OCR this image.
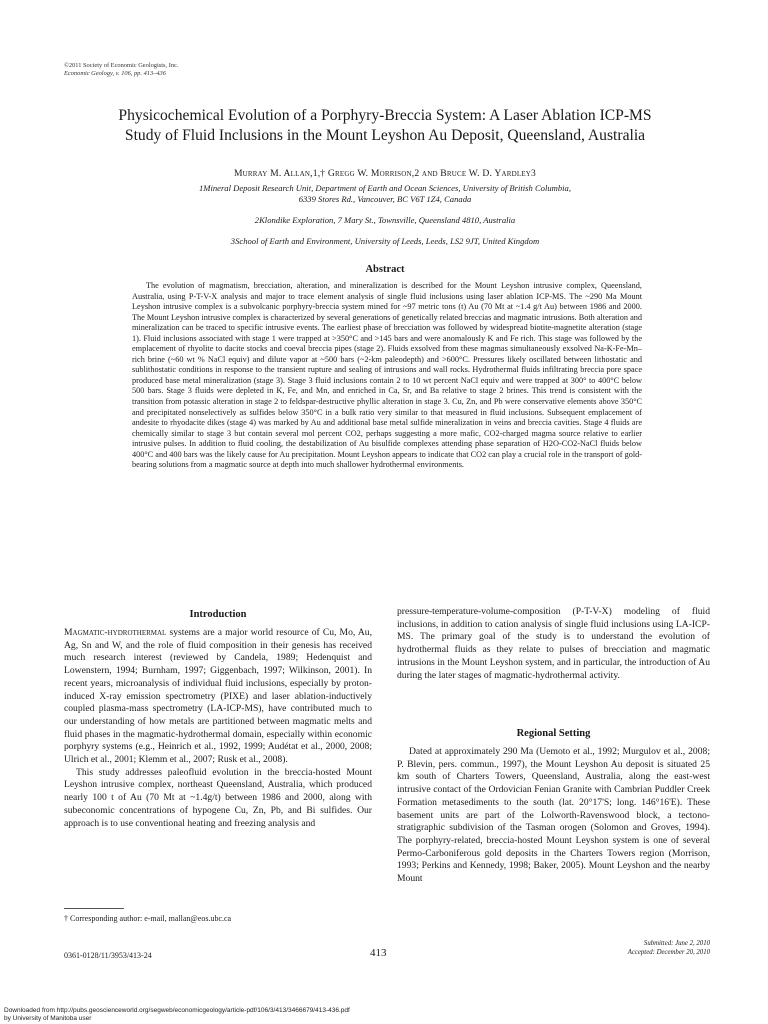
©2011 Society of Economic Geologists, Inc.
Economic Geology, v. 106, pp. 413–436
Physicochemical Evolution of a Porphyry-Breccia System: A Laser Ablation ICP-MS
Study of Fluid Inclusions in the Mount Leyshon Au Deposit, Queensland, Australia
Murray M. Allan,1,† Gregg W. Morrison,2 and Bruce W. D. Yardley3
1Mineral Deposit Research Unit, Department of Earth and Ocean Sciences, University of British Columbia,
6339 Stores Rd., Vancouver, BC V6T 1Z4, Canada
2Klondike Exploration, 7 Mary St., Townsville, Queensland 4810, Australia
3School of Earth and Environment, University of Leeds, Leeds, LS2 9JT, United Kingdom
Abstract
The evolution of magmatism, brecciation, alteration, and mineralization is described for the Mount Leyshon intrusive complex, Queensland, Australia, using P-T-V-X analysis and major to trace element analysis of single fluid inclusions using laser ablation ICP-MS. The ~290 Ma Mount Leyshon intrusive complex is a subvolcanic porphyry-breccia system mined for ~97 metric tons (t) Au (70 Mt at ~1.4 g/t Au) between 1986 and 2000. The Mount Leyshon intrusive complex is characterized by several generations of genetically related breccias and magmatic intrusions. Both alteration and mineralization can be traced to specific intrusive events. The earliest phase of brecciation was followed by widespread biotite-magnetite alteration (stage 1). Fluid inclusions associated with stage 1 were trapped at >350°C and >145 bars and were anomalously K and Fe rich. This stage was followed by the emplacement of rhyolite to dacite stocks and coeval breccia pipes (stage 2). Fluids exsolved from these magmas simultaneously exsolved Na-K-Fe-Mn–rich brine (~60 wt % NaCl equiv) and dilute vapor at ~500 bars (~2-km paleodepth) and >600°C. Pressures likely oscillated between lithostatic and sublithostatic conditions in response to the transient rupture and sealing of intrusions and wall rocks. Hydrothermal fluids infiltrating breccia pore space produced base metal mineralization (stage 3). Stage 3 fluid inclusions contain 2 to 10 wt percent NaCl equiv and were trapped at 300° to 400°C below 500 bars. Stage 3 fluids were depleted in K, Fe, and Mn, and enriched in Ca, Sr, and Ba relative to stage 2 brines. This trend is consistent with the transition from potassic alteration in stage 2 to feldspar-destructive phyllic alteration in stage 3. Cu, Zn, and Pb were conservative elements above 350°C and precipitated nonselectively as sulfides below 350°C in a bulk ratio very similar to that measured in fluid inclusions. Subsequent emplacement of andesite to rhyodacite dikes (stage 4) was marked by Au and additional base metal sulfide mineralization in veins and breccia cavities. Stage 4 fluids are chemically similar to stage 3 but contain several mol percent CO2, perhaps suggesting a more mafic, CO2-charged magma source relative to earlier intrusive pulses. In addition to fluid cooling, the destabilization of Au bisulfide complexes attending phase separation of H2O-CO2-NaCl fluids below 400°C and 400 bars was the likely cause for Au precipitation. Mount Leyshon appears to indicate that CO2 can play a crucial role in the transport of gold-bearing solutions from a magmatic source at depth into much shallower hydrothermal environments.
Introduction

Magmatic-hydrothermal systems are a major world resource of Cu, Mo, Au, Ag, Sn and W, and the role of fluid composition in their genesis has received much research interest (reviewed by Candela, 1989; Hedenquist and Lowenstern, 1994; Burnham, 1997; Giggenbach, 1997; Wilkinson, 2001). In recent years, microanalysis of individual fluid inclusions, especially by proton-induced X-ray emission spectrometry (PIXE) and laser ablation-inductively coupled plasma-mass spectrometry (LA-ICP-MS), have contributed much to our understanding of how metals are partitioned between magmatic melts and fluid phases in the magmatic-hydrothermal domain, especially within economic porphyry systems (e.g., Heinrich et al., 1992, 1999; Audétat et al., 2000, 2008; Ulrich et al., 2001; Klemm et al., 2007; Rusk et al., 2008).

This study addresses paleofluid evolution in the breccia-hosted Mount Leyshon intrusive complex, northeast Queensland, Australia, which produced nearly 100 t of Au (70 Mt at ~1.4g/t) between 1986 and 2000, along with subeconomic concentrations of hypogene Cu, Zn, Pb, and Bi sulfides. Our approach is to use conventional heating and freezing analysis and

pressure-temperature-volume-composition (P-T-V-X) modeling of fluid inclusions, in addition to cation analysis of single fluid inclusions using LA-ICP-MS. The primary goal of the study is to understand the evolution of hydrothermal fluids as they relate to pulses of brecciation and magmatic intrusions in the Mount Leyshon system, and in particular, the introduction of Au during the later stages of magmatic-hydrothermal activity.

Regional Setting

Dated at approximately 290 Ma (Uemoto et al., 1992; Murgulov et al., 2008; P. Blevin, pers. commun., 1997), the Mount Leyshon Au deposit is situated 25 km south of Charters Towers, Queensland, Australia, along the east-west intrusive contact of the Ordovician Fenian Granite with Cambrian Puddler Creek Formation metasediments to the south (lat. 20°17'S; long. 146°16'E). These basement units are part of the Lolworth-Ravenswood block, a tectono-stratigraphic subdivision of the Tasman orogen (Solomon and Groves, 1994). The porphyry-related, breccia-hosted Mount Leyshon system is one of several Permo-Carboniferous gold deposits in the Charters Towers region (Morrison, 1993; Perkins and Kennedy, 1998; Baker, 2005). Mount Leyshon and the nearby Mount

† Corresponding author: e-mail, mallan@eos.ubc.ca
0361-0128/11/3953/413-24	413
Submitted: June 2, 2010
Accepted: December 20, 2010
Downloaded from http://pubs.geoscienceworld.org/segweb/economicgeology/article-pdf/106/3/413/3466679/413-436.pdf
by University of Manitoba user
